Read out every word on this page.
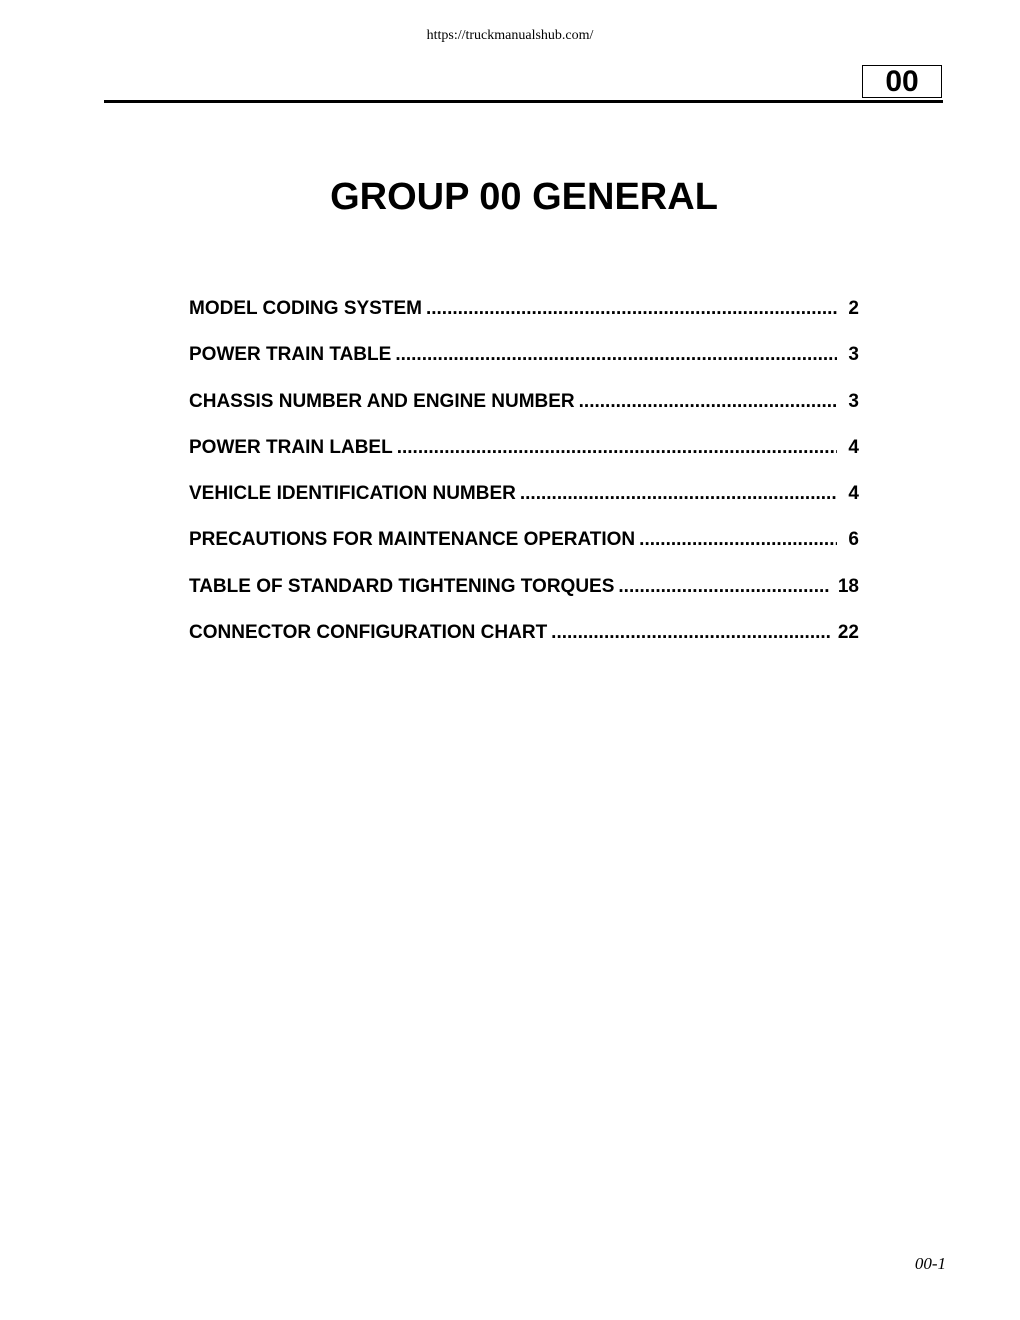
https://truckmanualshub.com/
00
GROUP 00 GENERAL
MODEL CODING SYSTEM .....	2
POWER TRAIN TABLE .....	3
CHASSIS NUMBER AND ENGINE NUMBER .....	3
POWER TRAIN LABEL .....	4
VEHICLE IDENTIFICATION NUMBER .....	4
PRECAUTIONS FOR MAINTENANCE OPERATION .....	6
TABLE OF STANDARD TIGHTENING TORQUES .....	18
CONNECTOR CONFIGURATION CHART .....	22
00-1
